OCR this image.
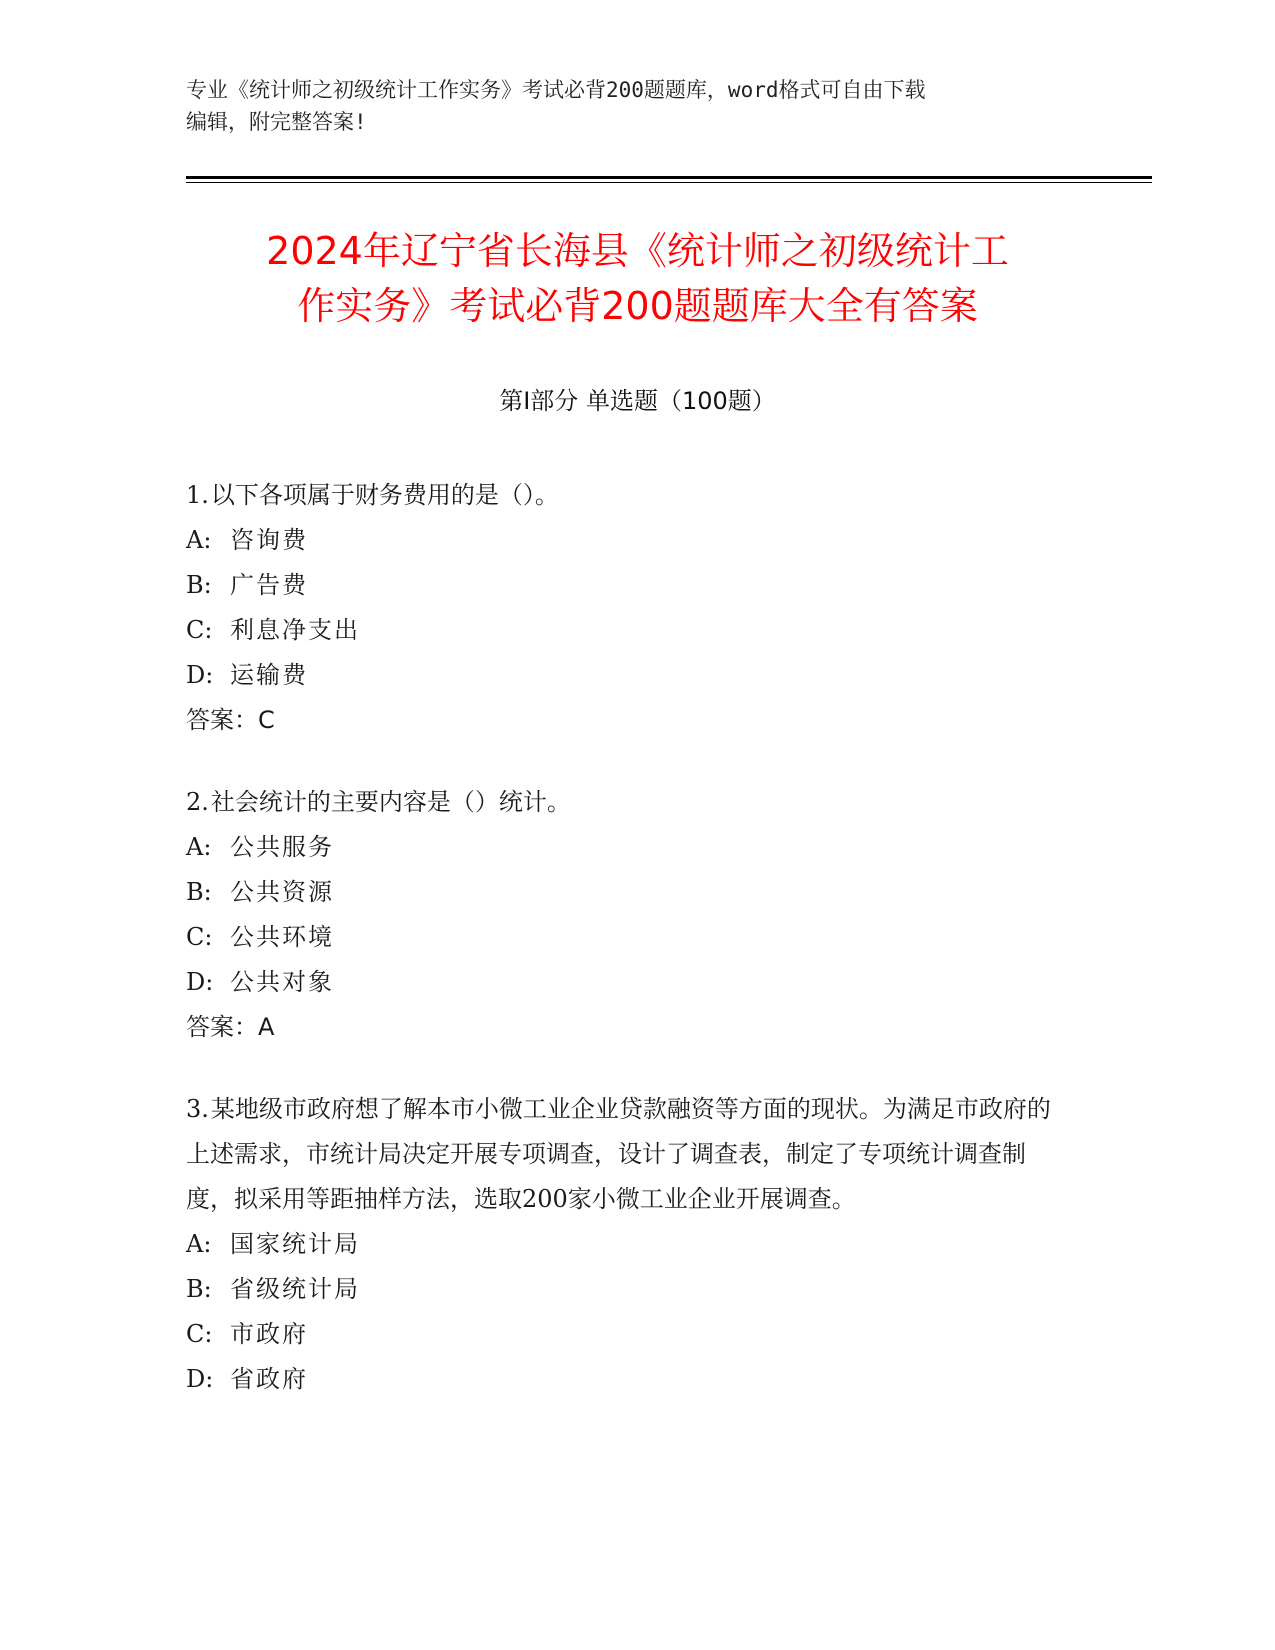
专业《统计师之初级统计工作实务》考试必背200题题库，word格式可自由下载
编辑，附完整答案!
2024年辽宁省长海县《统计师之初级统计工
作实务》考试必背200题题库大全有答案
第Ⅰ部分 单选题（100题）
1.以下各项属于财务费用的是（）。
A: 咨询费
B: 广告费
C: 利息净支出
D: 运输费
答案：C
2.社会统计的主要内容是（）统计。
A: 公共服务
B: 公共资源
C: 公共环境
D: 公共对象
答案：A
3.某地级市政府想了解本市小微工业企业贷款融资等方面的现状。为满足市政府的上述需求，市统计局决定开展专项调查，设计了调查表，制定了专项统计调查制度，拟采用等距抽样方法，选取200家小微工业企业开展调查。
A: 国家统计局
B: 省级统计局
C: 市政府
D: 省政府
